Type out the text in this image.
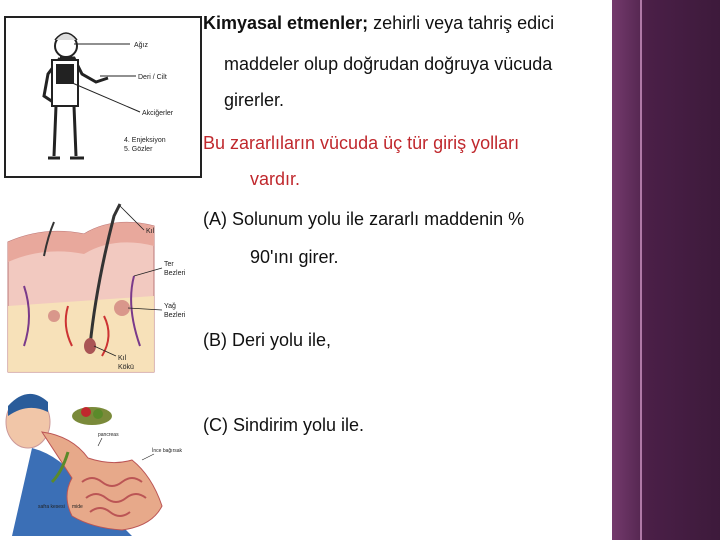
Ağız
Deri / Cilt
Akciğerler
4. Enjeksiyon
5. Gözler
Kıl
Ter
Bezleri
Yağ
Bezleri
Kıl
Kökü
pancreas
İnce bağırsak
safra kesesi mide
Kimyasal etmenler; zehirli veya tahriş edici
maddeler olup doğrudan doğruya vücuda
girerler.
Bu zararlıların vücuda üç tür giriş yolları
vardır.
(A) Solunum yolu ile zararlı maddenin %
90'ını girer.
(B) Deri yolu ile,
(C) Sindirim yolu ile.
